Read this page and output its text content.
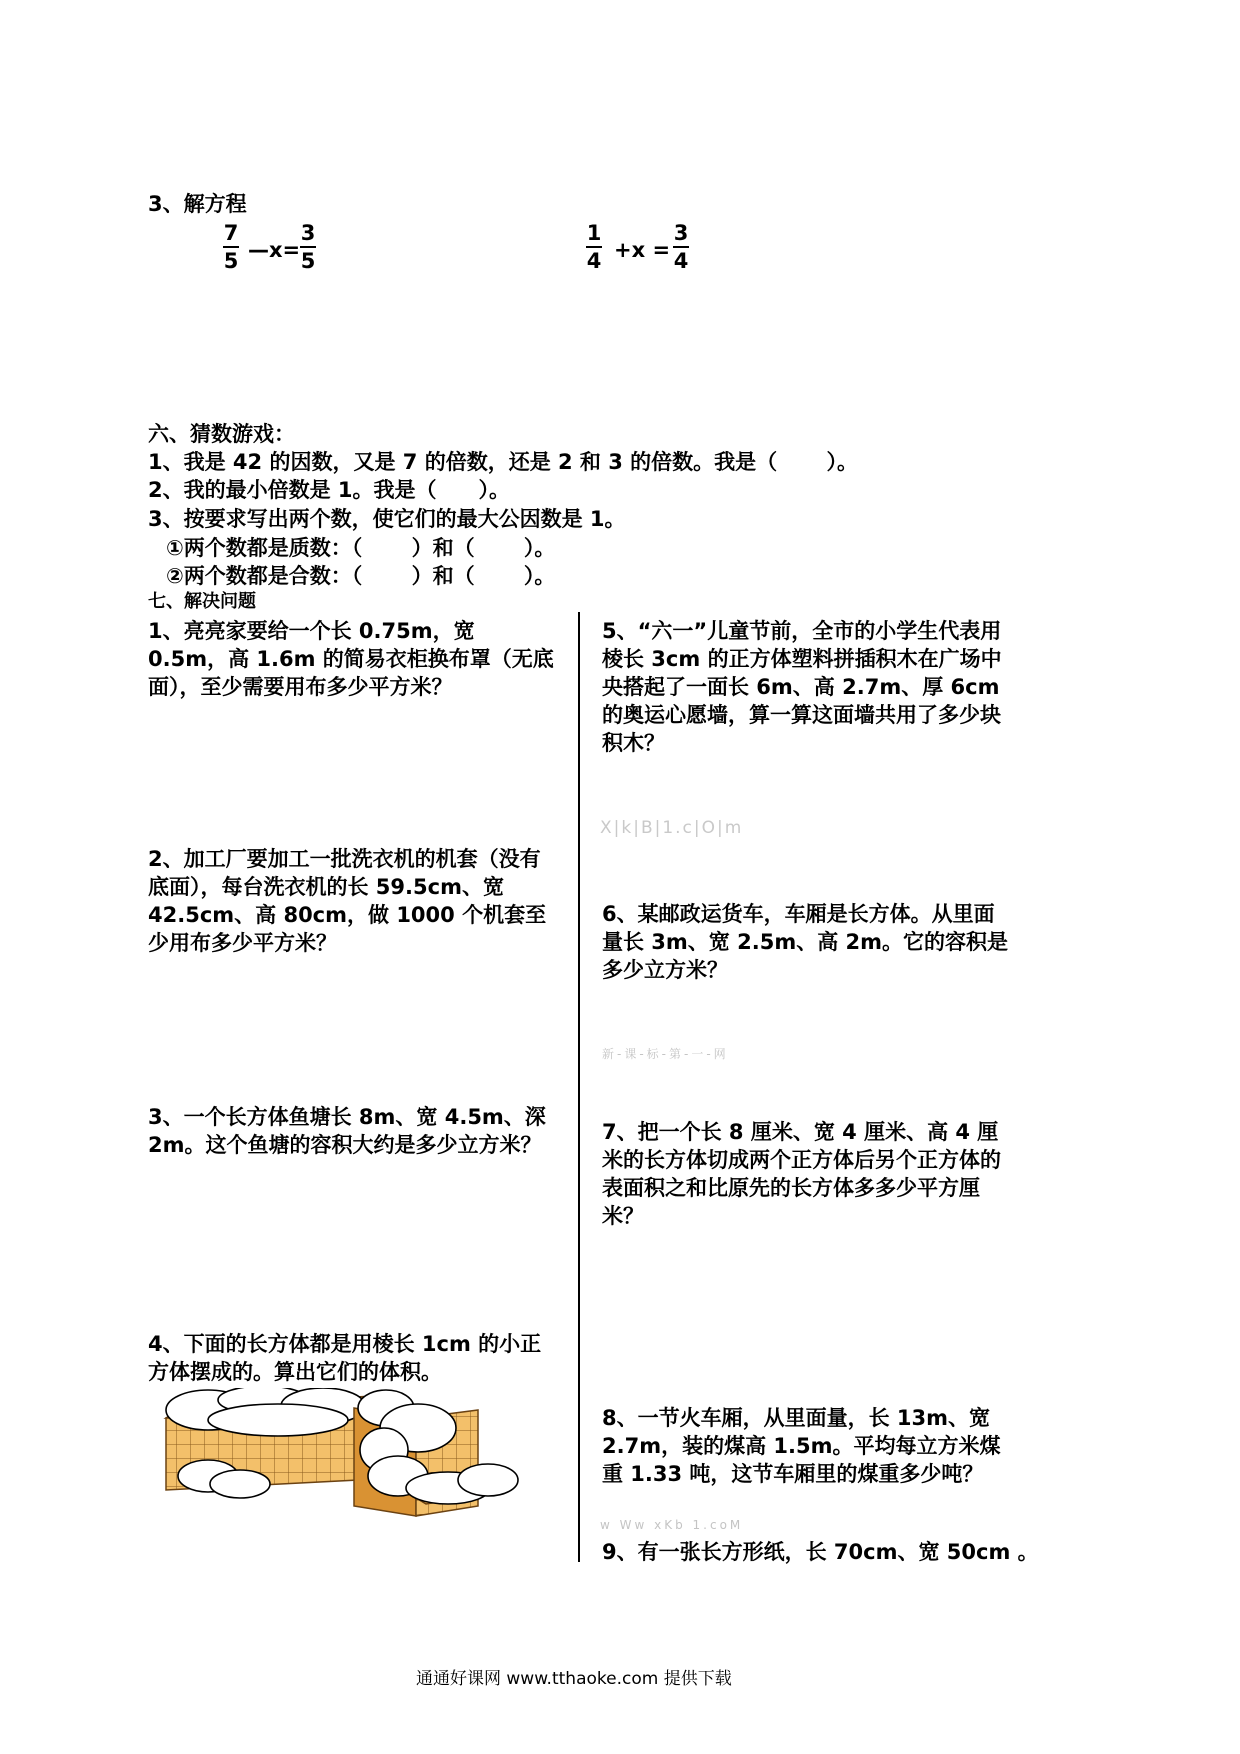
3、解方程
7
5 —x=
3
5
1
4 +x =
3
4
六、猜数游戏：
1、我是 42 的因数，又是 7 的倍数，还是 2 和 3 的倍数。我是（　　 ）。
2、我的最小倍数是 1。我是（　　）。
3、按要求写出两个数，使它们的最大公因数是 1。
①两个数都是质数：（　　 ）和（　　 ）。
②两个数都是合数：（　　 ）和（　　 ）。
七、解决问题
1、亮亮家要给一个长 0.75m，宽 0.5m，高 1.6m 的简易衣柜换布罩（无底面），至少需要用布多少平方米？
2、加工厂要加工一批洗衣机的机套（没有底面），每台洗衣机的长 59.5cm、宽 42.5cm、高 80cm，做 1000 个机套至少用布多少平方米？
3、一个长方体鱼塘长 8m、宽 4.5m、深 2m。这个鱼塘的容积大约是多少立方米？
4、下面的长方体都是用棱长 1cm 的小正方体摆成的。算出它们的体积。
5、“六一”儿童节前，全市的小学生代表用棱长 3cm 的正方体塑料拼插积木在广场中央搭起了一面长 6m、高 2.7m、厚 6cm 的奥运心愿墙，算一算这面墙共用了多少块积木？
X|k|B|1.c|O|m
6、某邮政运货车，车厢是长方体。从里面量长 3m、宽 2.5m、高 2m。它的容积是多少立方米？
新-课-标-第-一-网
7、把一个长 8 厘米、宽 4 厘米、高 4 厘米的长方体切成两个正方体后另个正方体的表面积之和比原先的长方体多多少平方厘米？
8、一节火车厢，从里面量，长 13m、宽 2.7m，装的煤高 1.5m。平均每立方米煤重 1.33 吨，这节车厢里的煤重多少吨？
w Ww xKb 1.coM
9、有一张长方形纸，长 70cm、宽 50cm 。
通通好课网 www.tthaoke.com 提供下载
